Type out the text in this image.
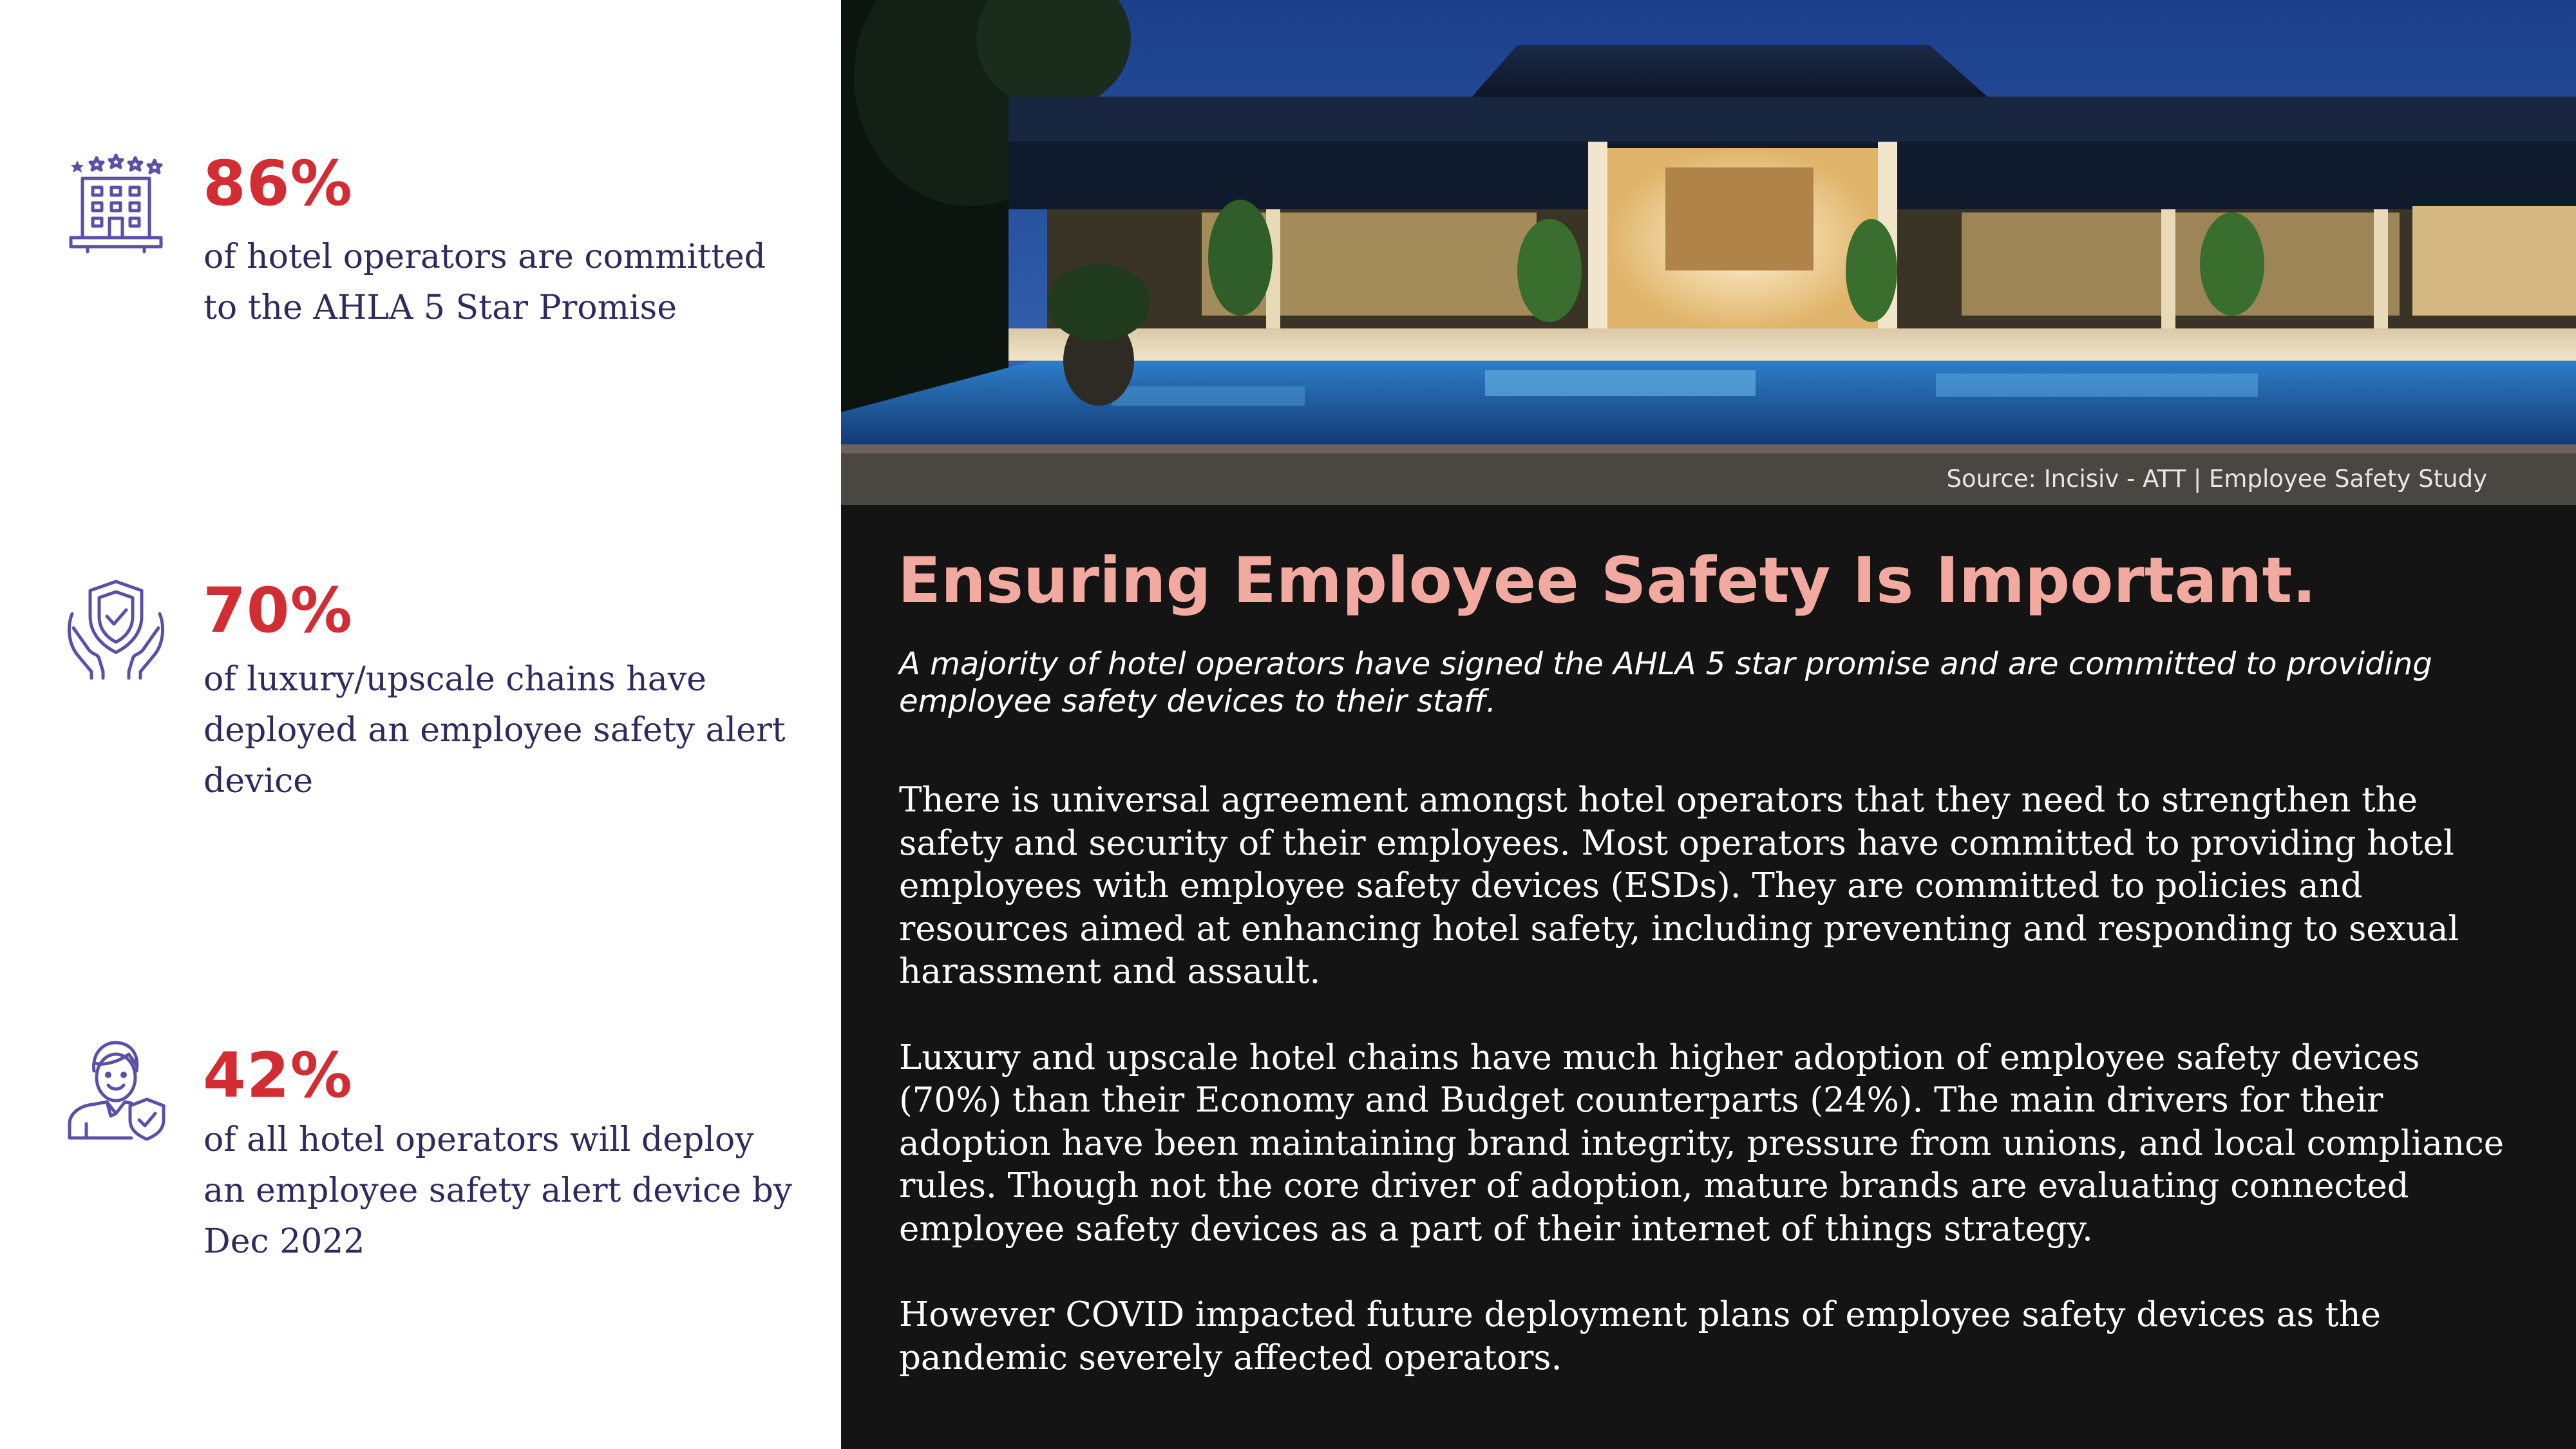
86%
of hotel operators are committed
to the AHLA 5 Star Promise
70%
of luxury/upscale chains have
deployed an employee safety alert
device
42%
of all hotel operators will deploy
an employee safety alert device by
Dec 2022
Source: Incisiv - ATT | Employee Safety Study
Ensuring Employee Safety Is Important.
A majority of hotel operators have signed the AHLA 5 star promise and are committed to providing employee safety devices to their staff.

There is universal agreement amongst hotel operators that they need to strengthen the safety and security of their employees. Most operators have committed to providing hotel employees with employee safety devices (ESDs). They are committed to policies and resources aimed at enhancing hotel safety, including preventing and responding to sexual harassment and assault.

Luxury and upscale hotel chains have much higher adoption of employee safety devices (70%) than their Economy and Budget counterparts (24%). The main drivers for their adoption have been maintaining brand integrity, pressure from unions, and local compliance rules. Though not the core driver of adoption, mature brands are evaluating connected employee safety devices as a part of their internet of things strategy.

However COVID impacted future deployment plans of employee safety devices as the pandemic severely affected operators.
